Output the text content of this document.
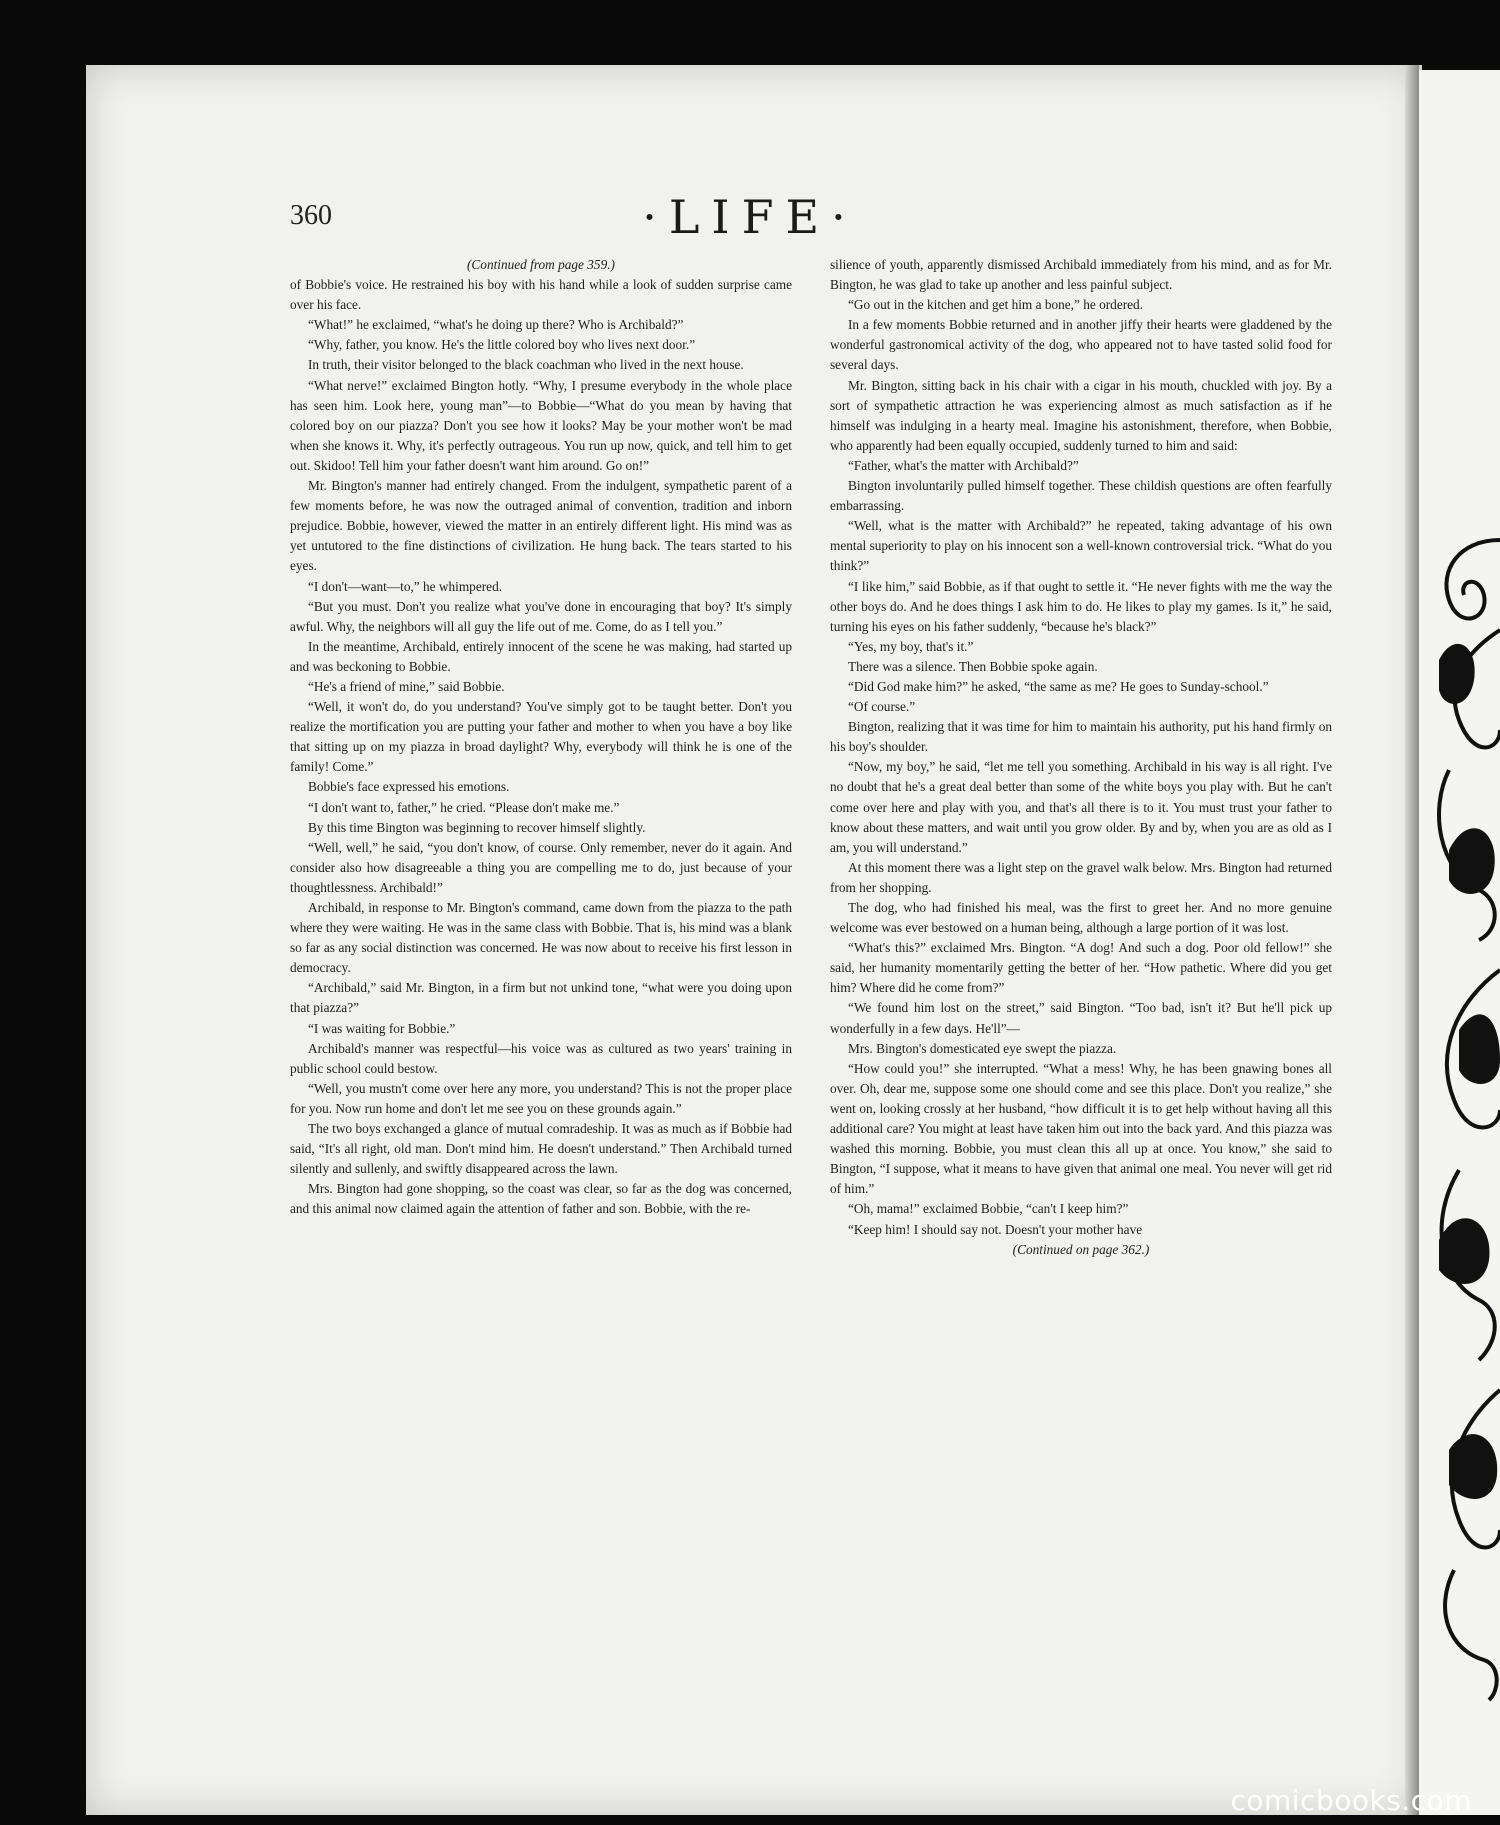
360	·LIFE·

(Continued from page 359.)

of Bobbie's voice. He restrained his boy with his hand while a look of sudden surprise came over his face.

“What!” he exclaimed, “what's he doing up there? Who is Archibald?”

“Why, father, you know. He's the little colored boy who lives next door.”

In truth, their visitor belonged to the black coachman who lived in the next house.

“What nerve!” exclaimed Bington hotly. “Why, I presume everybody in the whole place has seen him. Look here, young man”—to Bobbie—“What do you mean by having that colored boy on our piazza? Don't you see how it looks? May be your mother won't be mad when she knows it. Why, it's perfectly outrageous. You run up now, quick, and tell him to get out. Skidoo! Tell him your father doesn't want him around. Go on!”

Mr. Bington's manner had entirely changed. From the indulgent, sympathetic parent of a few moments before, he was now the outraged animal of convention, tradition and inborn prejudice. Bobbie, however, viewed the matter in an entirely different light. His mind was as yet untutored to the fine distinctions of civilization. He hung back. The tears started to his eyes.

“I don't—want—to,” he whimpered.

“But you must. Don't you realize what you've done in encouraging that boy? It's simply awful. Why, the neighbors will all guy the life out of me. Come, do as I tell you.”

In the meantime, Archibald, entirely innocent of the scene he was making, had started up and was beckoning to Bobbie.

“He's a friend of mine,” said Bobbie.

“Well, it won't do, do you understand? You've simply got to be taught better. Don't you realize the mortification you are putting your father and mother to when you have a boy like that sitting up on my piazza in broad daylight? Why, everybody will think he is one of the family! Come.”

Bobbie's face expressed his emotions.

“I don't want to, father,” he cried. “Please don't make me.”

By this time Bington was beginning to recover himself slightly.

“Well, well,” he said, “you don't know, of course. Only remember, never do it again. And consider also how disagreeable a thing you are compelling me to do, just because of your thoughtlessness. Archibald!”

Archibald, in response to Mr. Bington's command, came down from the piazza to the path where they were waiting. He was in the same class with Bobbie. That is, his mind was a blank so far as any social distinction was concerned. He was now about to receive his first lesson in democracy.

“Archibald,” said Mr. Bington, in a firm but not unkind tone, “what were you doing upon that piazza?”

“I was waiting for Bobbie.”

Archibald's manner was respectful—his voice was as cultured as two years' training in public school could bestow.

“Well, you mustn't come over here any more, you understand? This is not the proper place for you. Now run home and don't let me see you on these grounds again.”

The two boys exchanged a glance of mutual comradeship. It was as much as if Bobbie had said, “It's all right, old man. Don't mind him. He doesn't understand.” Then Archibald turned silently and sullenly, and swiftly disappeared across the lawn.

Mrs. Bington had gone shopping, so the coast was clear, so far as the dog was concerned, and this animal now claimed again the attention of father and son. Bobbie, with the re-

silience of youth, apparently dismissed Archibald immediately from his mind, and as for Mr. Bington, he was glad to take up another and less painful subject.

“Go out in the kitchen and get him a bone,” he ordered.

In a few moments Bobbie returned and in another jiffy their hearts were gladdened by the wonderful gastronomical activity of the dog, who appeared not to have tasted solid food for several days.

Mr. Bington, sitting back in his chair with a cigar in his mouth, chuckled with joy. By a sort of sympathetic attraction he was experiencing almost as much satisfaction as if he himself was indulging in a hearty meal. Imagine his astonishment, therefore, when Bobbie, who apparently had been equally occupied, suddenly turned to him and said:

“Father, what's the matter with Archibald?”

Bington involuntarily pulled himself together. These childish questions are often fearfully embarrassing.

“Well, what is the matter with Archibald?” he repeated, taking advantage of his own mental superiority to play on his innocent son a well-known controversial trick. “What do you think?”

“I like him,” said Bobbie, as if that ought to settle it. “He never fights with me the way the other boys do. And he does things I ask him to do. He likes to play my games. Is it,” he said, turning his eyes on his father suddenly, “because he's black?”

“Yes, my boy, that's it.”

There was a silence. Then Bobbie spoke again.

“Did God make him?” he asked, “the same as me? He goes to Sunday-school.”

“Of course.”

Bington, realizing that it was time for him to maintain his authority, put his hand firmly on his boy's shoulder.

“Now, my boy,” he said, “let me tell you something. Archibald in his way is all right. I've no doubt that he's a great deal better than some of the white boys you play with. But he can't come over here and play with you, and that's all there is to it. You must trust your father to know about these matters, and wait until you grow older. By and by, when you are as old as I am, you will understand.”

At this moment there was a light step on the gravel walk below. Mrs. Bington had returned from her shopping.

The dog, who had finished his meal, was the first to greet her. And no more genuine welcome was ever bestowed on a human being, although a large portion of it was lost.

“What's this?” exclaimed Mrs. Bington. “A dog! And such a dog. Poor old fellow!” she said, her humanity momentarily getting the better of her. “How pathetic. Where did you get him? Where did he come from?”

“We found him lost on the street,” said Bington. “Too bad, isn't it? But he'll pick up wonderfully in a few days. He'll”—

Mrs. Bington's domesticated eye swept the piazza.

“How could you!” she interrupted. “What a mess! Why, he has been gnawing bones all over. Oh, dear me, suppose some one should come and see this place. Don't you realize,” she went on, looking crossly at her husband, “how difficult it is to get help without having all this additional care? You might at least have taken him out into the back yard. And this piazza was washed this morning. Bobbie, you must clean this all up at once. You know,” she said to Bington, “I suppose, what it means to have given that animal one meal. You never will get rid of him.”

“Oh, mama!” exclaimed Bobbie, “can't I keep him?”

“Keep him! I should say not. Doesn't your mother have

(Continued on page 362.)

comicbooks.com
